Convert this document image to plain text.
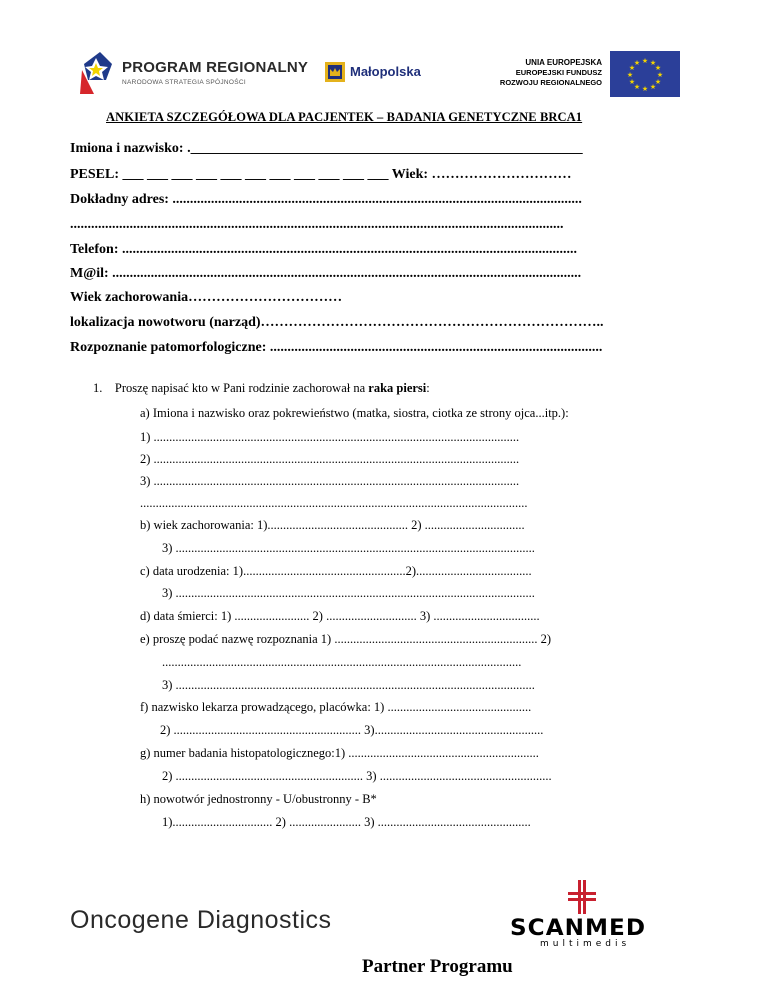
PROGRAM REGIONALNY
NARODOWA STRATEGIA SPÓJNOŚCI
Małopolska
UNIA EUROPEJSKA
EUROPEJSKI FUNDUSZ
ROZWOJU REGIONALNEGO
★ ★
★
★
★
★
★
★
★
★
★
★
ANKIETA SZCZEGÓŁOWA DLA PACJENTEK – BADANIA GENETYCZNE BRCA1
Imiona i nazwisko: .________________________________________________________
PESEL: ___ ___ ___ ___ ___ ___ ___ ___ ___ ___ ___ Wiek: …………………………
Dokładny adres: .....................................................................................................................
.............................................................................................................................................
Telefon: ..................................................................................................................................
M@il: ......................................................................................................................................
Wiek zachorowania……………………………
lokalizacja nowotworu (narząd)………………………………………………………………..
Rozpoznanie patomorfologiczne: ...............................................................................................
1. Proszę napisać kto w Pani rodzinie zachorował na raka piersi:
a) Imiona i nazwisko oraz pokrewieństwo (matka, siostra, ciotka ze strony ojca...itp.):
1) .....................................................................................................................
2) .....................................................................................................................
3) .....................................................................................................................
............................................................................................................................
b) wiek zachorowania: 1)............................................. 2) ................................
3) ...................................................................................................................
c) data urodzenia: 1)....................................................2).....................................
3) ...................................................................................................................
d) data śmierci: 1) ........................ 2) ............................. 3) ..................................
e) proszę podać nazwę rozpoznania 1) ................................................................. 2)
...................................................................................................................
3) ...................................................................................................................
f) nazwisko lekarza prowadzącego, placówka: 1) ..............................................
2) ............................................................ 3)......................................................
g) numer badania histopatologicznego:1) .............................................................
2) ............................................................ 3) .......................................................
h) nowotwór jednostronny - U/obustronny - B*
1)................................ 2) ....................... 3) .................................................
Oncogene Diagnostics
Partner Programu
SCANMED
multimedis
